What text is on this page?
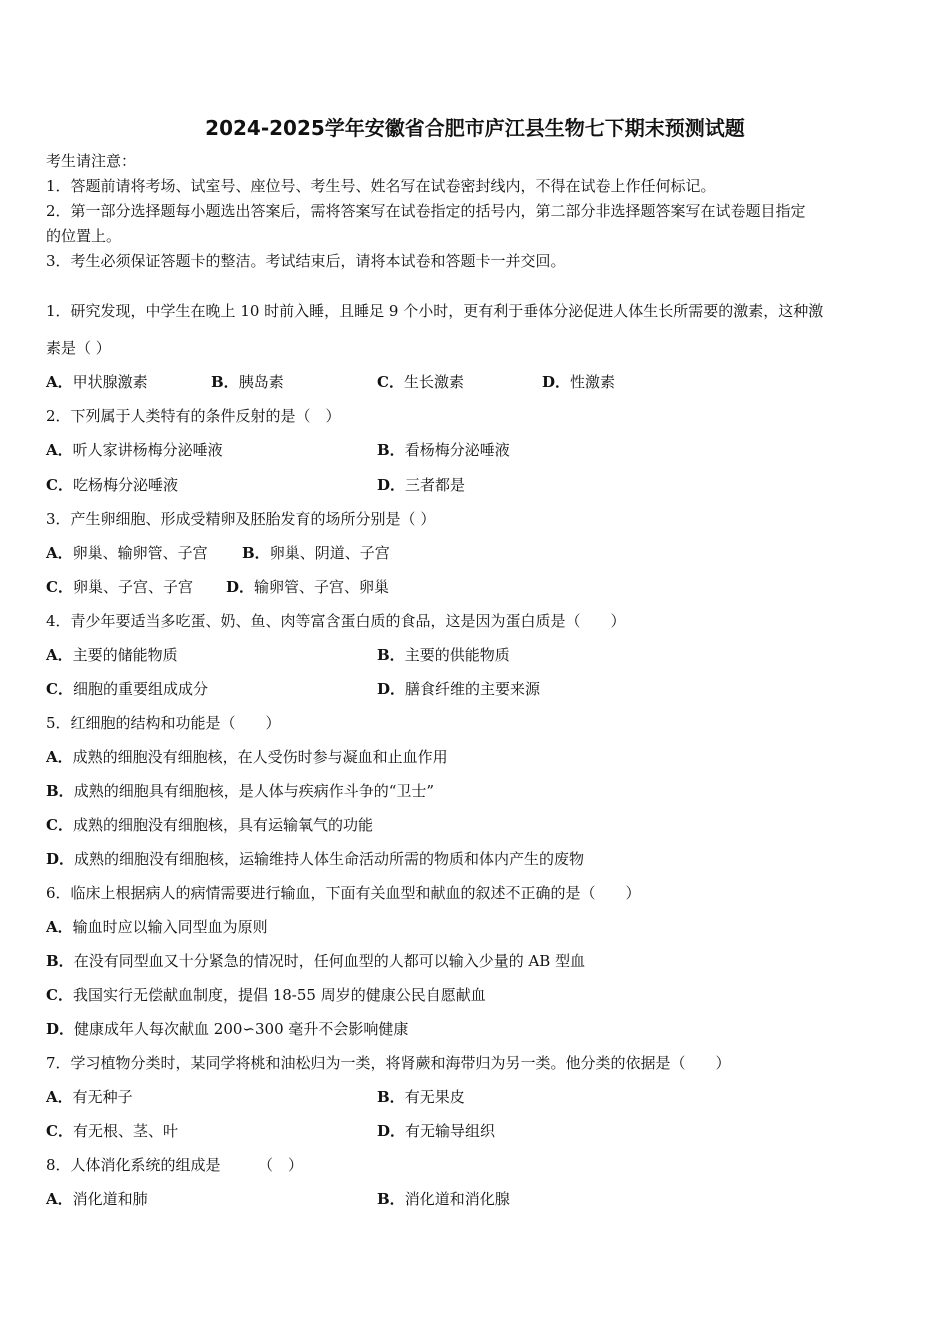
2024-2025学年安徽省合肥市庐江县生物七下期末预测试题
考生请注意：
1．答题前请将考场、试室号、座位号、考生号、姓名写在试卷密封线内，不得在试卷上作任何标记。
2．第一部分选择题每小题选出答案后，需将答案写在试卷指定的括号内，第二部分非选择题答案写在试卷题目指定
的位置上。
3．考生必须保证答题卡的整洁。考试结束后，请将本试卷和答题卡一并交回。
1．研究发现，中学生在晚上 10 时前入睡，且睡足 9 个小时，更有利于垂体分泌促进人体生长所需要的激素，这种激
素是（ ）
A．甲状腺激素	B．胰岛素	C．生长激素	D．性激素
2．下列属于人类特有的条件反射的是（　）
A．听人家讲杨梅分泌唾液	B．看杨梅分泌唾液
C．吃杨梅分泌唾液	D．三者都是
3．产生卵细胞、形成受精卵及胚胎发育的场所分别是（ ）
A．卵巢、输卵管、子宫 B．卵巢、阴道、子宫
C．卵巢、子宫、子宫 D．输卵管、子宫、卵巢
4．青少年要适当多吃蛋、奶、鱼、肉等富含蛋白质的食品，这是因为蛋白质是（　　）
A．主要的储能物质	B．主要的供能物质
C．细胞的重要组成成分	D．膳食纤维的主要来源
5．红细胞的结构和功能是（　　）
A．成熟的细胞没有细胞核，在人受伤时参与凝血和止血作用
B．成熟的细胞具有细胞核，是人体与疾病作斗争的“卫士”
C．成熟的细胞没有细胞核，具有运输氧气的功能
D．成熟的细胞没有细胞核，运输维持人体生命活动所需的物质和体内产生的废物
6．临床上根据病人的病情需要进行输血，下面有关血型和献血的叙述不正确的是（　　）
A．输血时应以输入同型血为原则
B．在没有同型血又十分紧急的情况时，任何血型的人都可以输入少量的 AB 型血
C．我国实行无偿献血制度，提倡 18-55 周岁的健康公民自愿献血
D．健康成年人每次献血 200∽300 毫升不会影响健康
7．学习植物分类时，某同学将桃和油松归为一类，将肾蕨和海带归为另一类。他分类的依据是（　　）
A．有无种子	B．有无果皮
C．有无根、茎、叶	D．有无输导组织
8．人体消化系统的组成是　　　（　）
A．消化道和肺	B．消化道和消化腺
